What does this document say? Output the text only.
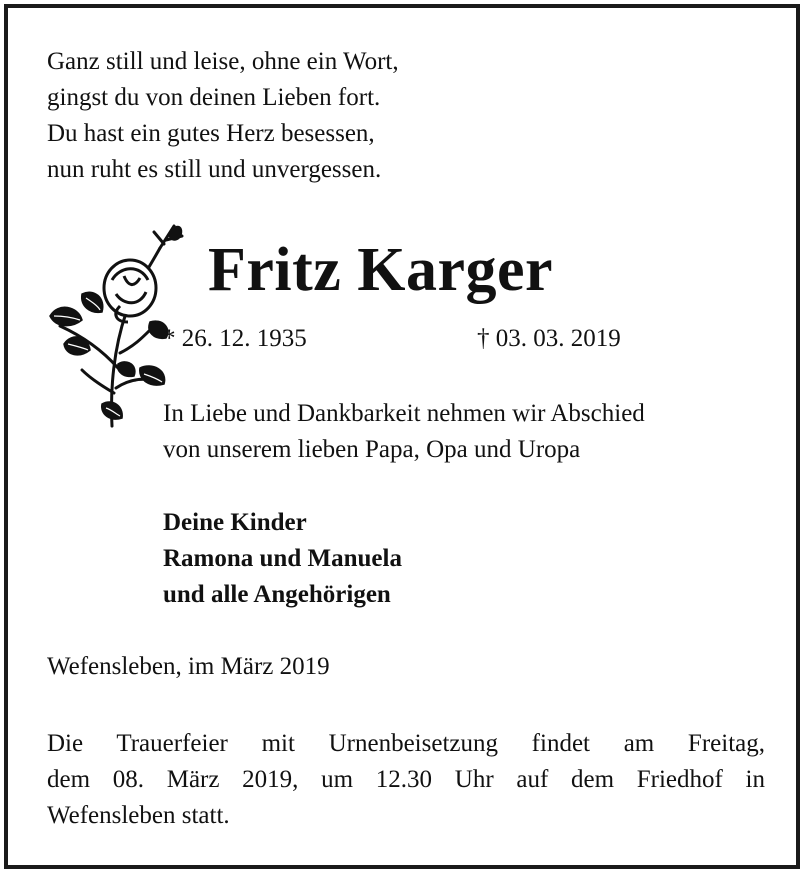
Ganz still und leise, ohne ein Wort,
gingst du von deinen Lieben fort.
Du hast ein gutes Herz besessen,
nun ruht es still und unvergessen.
Fritz Karger
* 26. 12. 1935	† 03. 03. 2019
In Liebe und Dankbarkeit nehmen wir Abschied
von unserem lieben Papa, Opa und Uropa
Deine Kinder
Ramona und Manuela
und alle Angehörigen
Wefensleben, im März 2019
Die Trauerfeier mit Urnenbeisetzung findet am Freitag,
dem 08. März 2019, um 12.30 Uhr auf dem Friedhof in
Wefensleben statt.
